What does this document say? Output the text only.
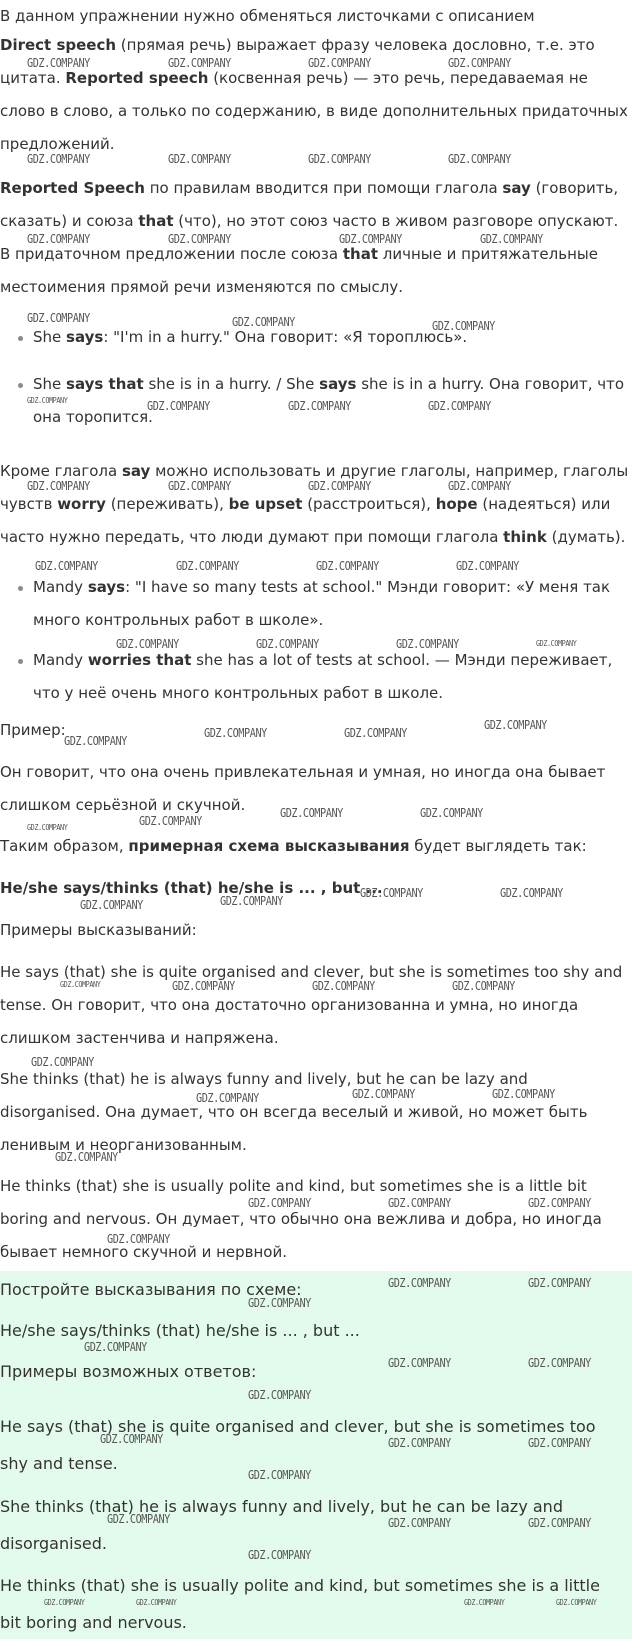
В данном упражнении нужно обменяться листочками с описанием

Direct speech (прямая речь) выражает фразу человека дословно, т.е. это цитата. Reported speech (косвенная речь) — это речь, передаваемая не слово в слово, а только по содержанию, в виде дополнительных придаточных предложений.

Reported Speech по правилам вводится при помощи глагола say (говорить, сказать) и союза that (что), но этот союз часто в живом разговоре опускают. В придаточном предложении после союза that личные и притяжательные местоимения прямой речи изменяются по смыслу.

She says: "I'm in a hurry." Она говорит: «Я тороплюсь».
She says that she is in a hurry. / She says she is in a hurry. Она говорит, что она торопится.

Кроме глагола say можно использовать и другие глаголы, например, глаголы чувств worry (переживать), be upset (расстроиться), hope (надеяться) или часто нужно передать, что люди думают при помощи глагола think (думать).

Mandy says: "I have so many tests at school." Мэнди говорит: «У меня так много контрольных работ в школе».
Mandy worries that she has a lot of tests at school. — Мэнди переживает, что у неё очень много контрольных работ в школе.

Пример:

Он говорит, что она очень привлекательная и умная, но иногда она бывает слишком серьёзной и скучной.

Таким образом, примерная схема высказывания будет выглядеть так:

He/she says/thinks (that) he/she is ... , but ...

Примеры высказываний:

He says (that) she is quite organised and clever, but she is sometimes too shy and tense. Он говорит, что она достаточно организованна и умна, но иногда слишком застенчива и напряжена.

She thinks (that) he is always funny and lively, but he can be lazy and disorganised. Она думает, что он всегда веселый и живой, но может быть ленивым и неорганизованным.

He thinks (that) she is usually polite and kind, but sometimes she is a little bit boring and nervous. Он думает, что обычно она вежлива и добра, но иногда бывает немного скучной и нервной.

Постройте высказывания по схеме:

He/she says/thinks (that) he/she is ... , but ...

Примеры возможных ответов:

He says (that) she is quite organised and clever, but she is sometimes too shy and tense.

She thinks (that) he is always funny and lively, but he can be lazy and disorganised.

He thinks (that) she is usually polite and kind, but sometimes she is a little bit boring and nervous.

GDZ.COMPANY	GDZ.COMPANY	GDZ.COMPANY	GDZ.COMPANY
GDZ.COMPANY	GDZ.COMPANY	GDZ.COMPANY	GDZ.COMPANY
GDZ.COMPANY	GDZ.COMPANY	GDZ.COMPANY	GDZ.COMPANY
GDZ.COMPANY	GDZ.COMPANY	GDZ.COMPANY
GDZ.COMPANY	GDZ.COMPANY	GDZ.COMPANY	GDZ.COMPANY
GDZ.COMPANY	GDZ.COMPANY	GDZ.COMPANY	GDZ.COMPANY
GDZ.COMPANY	GDZ.COMPANY	GDZ.COMPANY	GDZ.COMPANY
GDZ.COMPANY	GDZ.COMPANY	GDZ.COMPANY	GDZ.COMPANY
GDZ.COMPANY
GDZ.COMPANY	GDZ.COMPANY
GDZ.COMPANY
GDZ.COMPANY	GDZ.COMPANY
GDZ.COMPANY	GDZ.COMPANY
GDZ.COMPANY	GDZ.COMPANY
GDZ.COMPANY	GDZ.COMPANY
GDZ.COMPANY	GDZ.COMPANY	GDZ.COMPANY	GDZ.COMPANY
GDZ.COMPANY
GDZ.COMPANY	GDZ.COMPANY	GDZ.COMPANY
GDZ.COMPANY
GDZ.COMPANY	GDZ.COMPANY	GDZ.COMPANY
GDZ.COMPANY
GDZ.COMPANY	GDZ.COMPANY
GDZ.COMPANY
GDZ.COMPANY
GDZ.COMPANY	GDZ.COMPANY
GDZ.COMPANY
GDZ.COMPANY	GDZ.COMPANY	GDZ.COMPANY
GDZ.COMPANY
GDZ.COMPANY	GDZ.COMPANY	GDZ.COMPANY
GDZ.COMPANY
GDZ.COMPANY	GDZ.COMPANY	GDZ.COMPANY	GDZ.COMPANY
